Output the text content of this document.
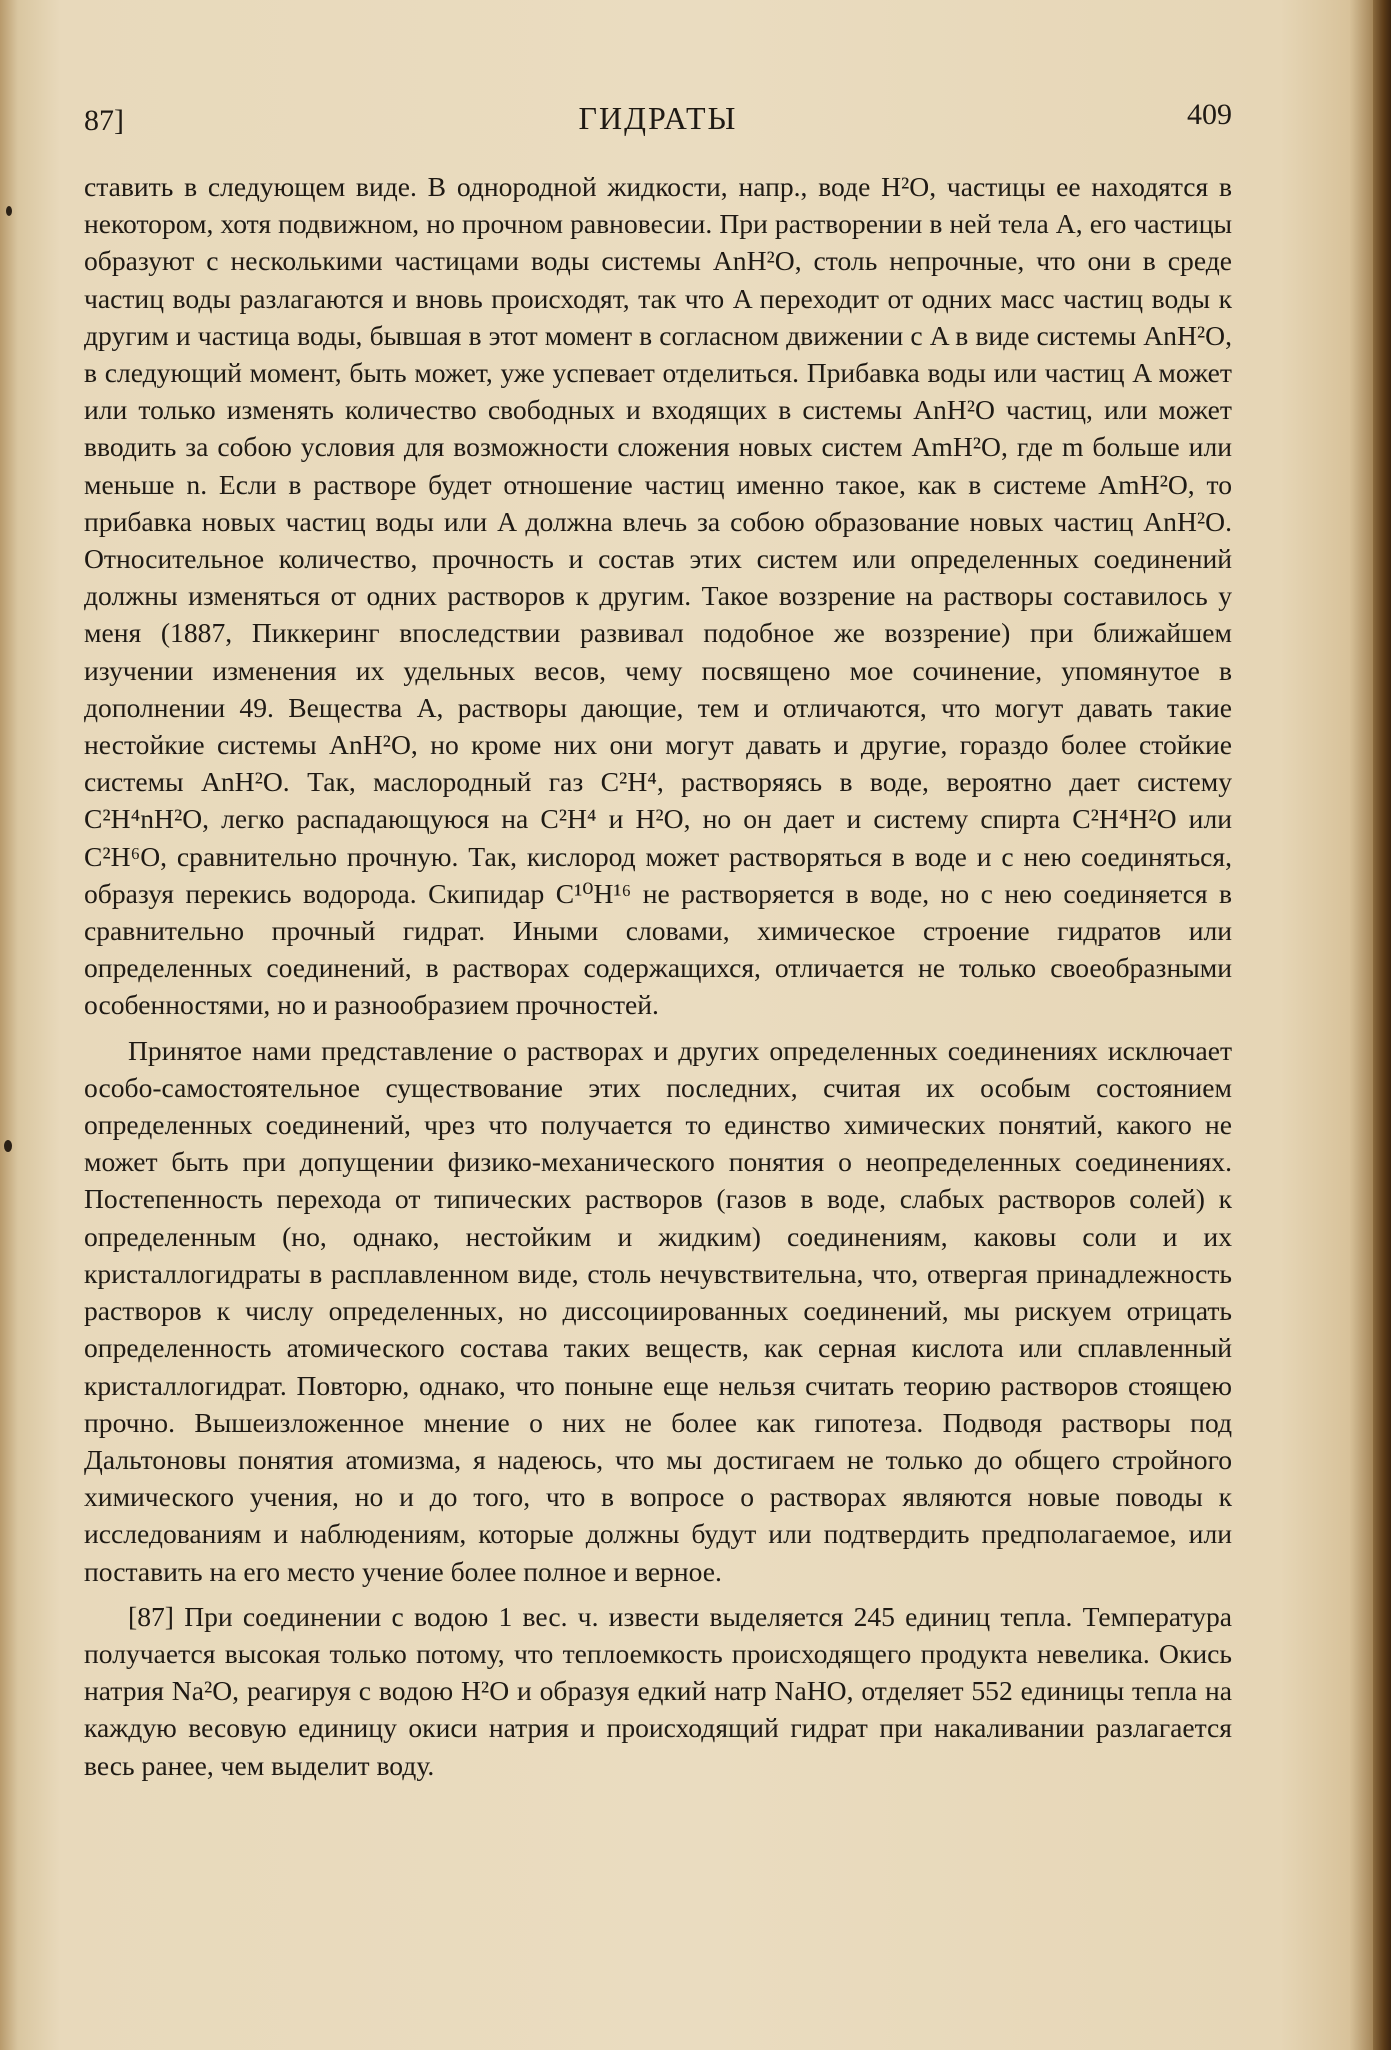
87]	ГИДРАТЫ	409

ставить в следующем виде. В однородной жидкости, напр., воде H²O, частицы ее находятся в некотором, хотя подвижном, но прочном равновесии. При растворении в ней тела A, его частицы образуют с несколькими частицами воды системы AnH²O, столь непрочные, что они в среде частиц воды разлагаются и вновь происходят, так что A переходит от одних масс частиц воды к другим и частица воды, бывшая в этот момент в согласном движении с A в виде системы AnH²O, в следующий момент, быть может, уже успевает отделиться. Прибавка воды или частиц A может или только изменять количество свободных и входящих в системы AnH²O частиц, или может вводить за собою условия для возможности сложения новых систем AmH²O, где m больше или меньше n. Если в растворе будет отношение частиц именно такое, как в системе AmH²O, то прибавка новых частиц воды или A должна влечь за собою образование новых частиц AnH²O. Относительное количество, прочность и состав этих систем или определенных соединений должны изменяться от одних растворов к другим. Такое воззрение на растворы составилось у меня (1887, Пиккеринг впоследствии развивал подобное же воззрение) при ближайшем изучении изменения их удельных весов, чему посвящено мое сочинение, упомянутое в дополнении 49. Вещества A, растворы дающие, тем и отличаются, что могут давать такие нестойкие системы AnH²O, но кроме них они могут давать и другие, гораздо более стойкие системы AnH²O. Так, маслородный газ C²H⁴, растворяясь в воде, вероятно дает систему C²H⁴nH²O, легко распадающуюся на C²H⁴ и H²O, но он дает и систему спирта C²H⁴H²O или C²H⁶O, сравнительно прочную. Так, кислород может растворяться в воде и с нею соединяться, образуя перекись водорода. Скипидар C¹⁰H¹⁶ не растворяется в воде, но с нею соединяется в сравнительно прочный гидрат. Иными словами, химическое строение гидратов или определенных соединений, в растворах содержащихся, отличается не только своеобразными особенностями, но и разнообразием прочностей.

Принятое нами представление о растворах и других определенных соединениях исключает особо-самостоятельное существование этих последних, считая их особым состоянием определенных соединений, чрез что получается то единство химических понятий, какого не может быть при допущении физико-механического понятия о неопределенных соединениях. Постепенность перехода от типических растворов (газов в воде, слабых растворов солей) к определенным (но, однако, нестойким и жидким) соединениям, каковы соли и их кристаллогидраты в расплавленном виде, столь нечувствительна, что, отвергая принадлежность растворов к числу определенных, но диссоциированных соединений, мы рискуем отрицать определенность атомического состава таких веществ, как серная кислота или сплавленный кристаллогидрат. Повторю, однако, что поныне еще нельзя считать теорию растворов стоящею прочно. Вышеизложенное мнение о них не более как гипотеза. Подводя растворы под Дальтоновы понятия атомизма, я надеюсь, что мы достигаем не только до общего стройного химического учения, но и до того, что в вопросе о растворах являются новые поводы к исследованиям и наблюдениям, которые должны будут или подтвердить предполагаемое, или поставить на его место учение более полное и верное.

[87] При соединении с водою 1 вес. ч. извести выделяется 245 единиц тепла. Температура получается высокая только потому, что теплоемкость происходящего продукта невелика. Окись натрия Na²O, реагируя с водою H²O и образуя едкий натр NaHO, отделяет 552 единицы тепла на каждую весовую единицу окиси натрия и происходящий гидрат при накаливании разлагается весь ранее, чем выделит воду.
